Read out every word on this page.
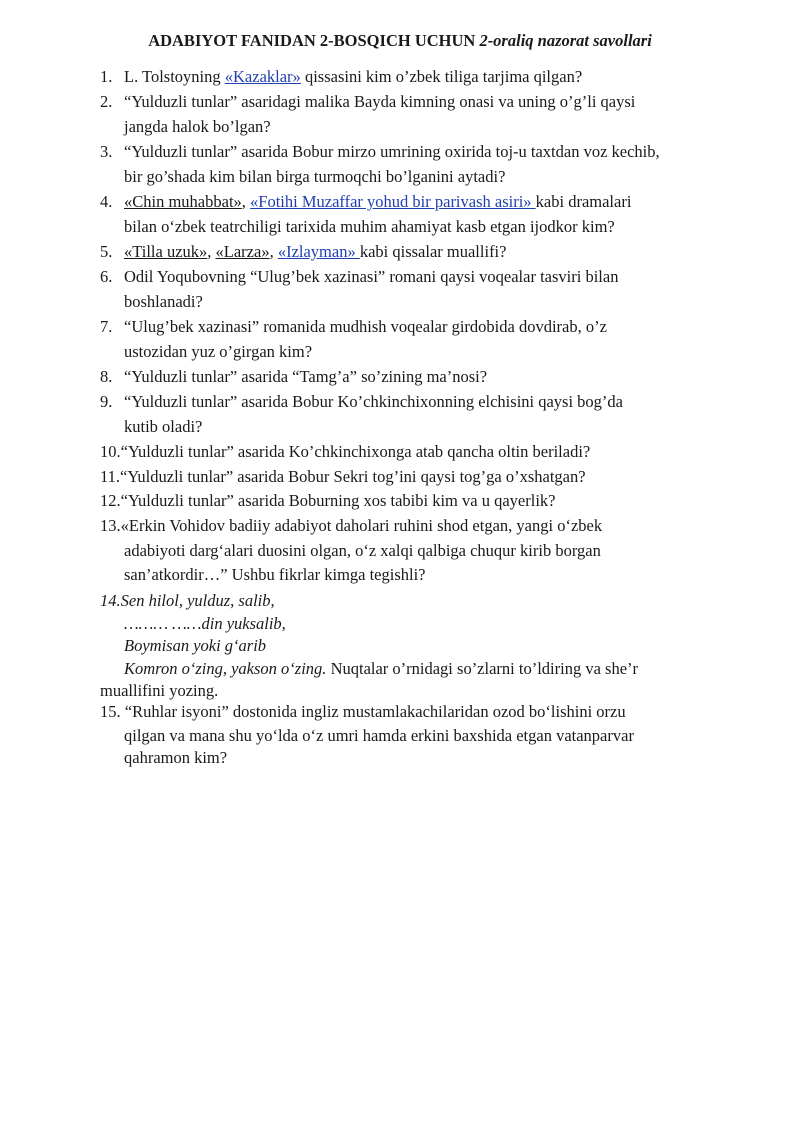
ADABIYOT FANIDAN 2-BOSQICH UCHUN 2-oraliq nazorat savollari
1. L. Tolstoyning «Kazaklar» qissasini kim o’zbek tiliga tarjima qilgan?
2. “Yulduzli tunlar” asaridagi malika Bayda kimning onasi va uning o’g’li qaysi
jangda halok bo’lgan?
3. “Yulduzli tunlar” asarida Bobur mirzo umrining oxirida toj-u taxtdan voz kechib,
bir go’shada kim bilan birga turmoqchi bo’lganini aytadi?
4. «Chin muhabbat», «Fotihi Muzaffar yohud bir parivash asiri» kabi dramalari
bilan o‘zbek teatrchiligi tarixida muhim ahamiyat kasb etgan ijodkor kim?
5. «Tilla uzuk», «Larza», «Izlayman» kabi qissalar muallifi?
6. Odil Yoqubovning “Ulug’bek xazinasi” romani qaysi voqealar tasviri bilan
boshlanadi?
7. “Ulug’bek xazinasi” romanida mudhish voqealar girdobida dovdirab, o’z
ustozidan yuz o’girgan kim?
8. “Yulduzli tunlar” asarida “Tamg’a” so’zining ma’nosi?
9. “Yulduzli tunlar” asarida Bobur Ko’chkinchixonning elchisini qaysi bog’da
kutib oladi?
10.“Yulduzli tunlar” asarida Ko’chkinchixonga atab qancha oltin beriladi?
11.“Yulduzli tunlar” asarida Bobur Sekri tog’ini qaysi tog’ga o’xshatgan?
12.“Yulduzli tunlar” asarida Boburning xos tabibi kim va u qayerlik?
13.«Erkin Vohidov badiiy adabiyot daholari ruhini shod etgan, yangi o‘zbek
adabiyoti darg‘alari duosini olgan, o‘z xalqi qalbiga chuqur kirib borgan
san’atkordir…” Ushbu fikrlar kimga tegishli?
14.Sen hilol, yulduz, salib,
……… ……din yuksalib,
Boymisan yoki g‘arib
Komron o‘zing, yakson o‘zing. Nuqtalar o’rnidagi so’zlarni to’ldiring va she’r
muallifini yozing.
15. “Ruhlar isyoni” dostonida ingliz mustamlakachilaridan ozod bo‘lishini orzu
qilgan va mana shu yo‘lda o‘z umri hamda erkini baxshida etgan vatanparvar
qahramon kim?
